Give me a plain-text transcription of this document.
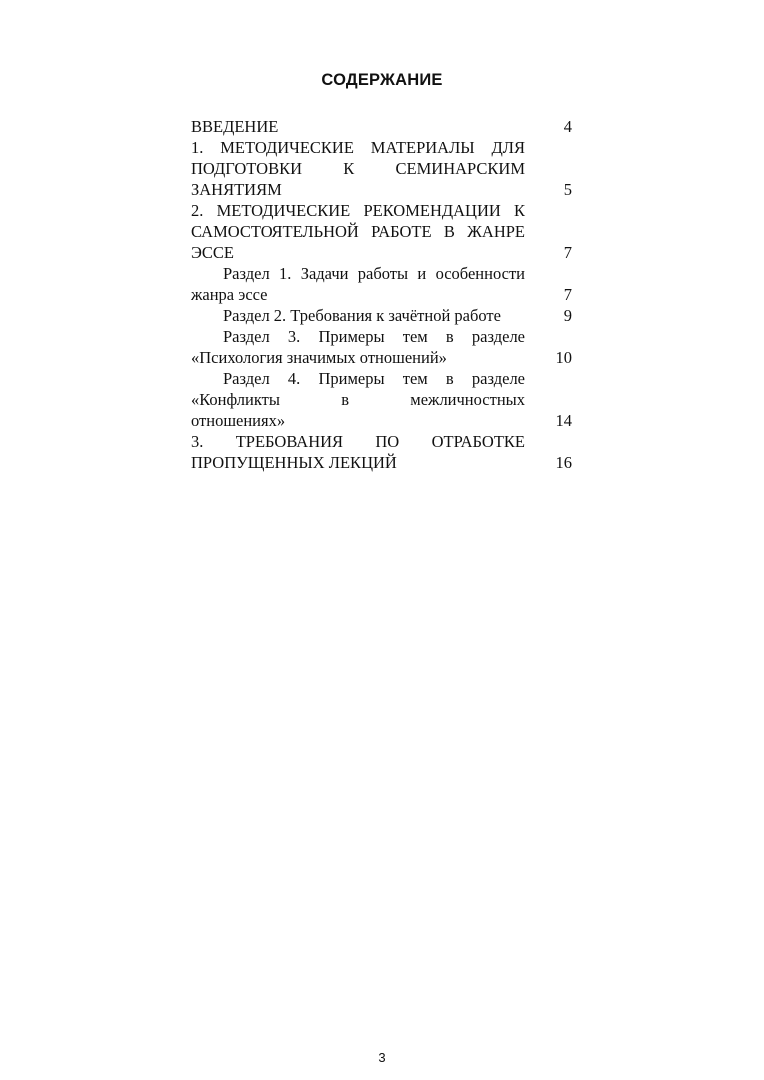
СОДЕРЖАНИЕ
ВВЕДЕНИЕ	4
1. МЕТОДИЧЕСКИЕ МАТЕРИАЛЫ ДЛЯ
ПОДГОТОВКИ К СЕМИНАРСКИМ
ЗАНЯТИЯМ	5
2. МЕТОДИЧЕСКИЕ РЕКОМЕНДАЦИИ К
САМОСТОЯТЕЛЬНОЙ РАБОТЕ В ЖАНРЕ
ЭССЕ	7
Раздел 1. Задачи работы и особенности
жанра эссе	7
Раздел 2. Требования к зачётной работе	9
Раздел 3. Примеры тем в разделе
«Психология значимых отношений»	10
Раздел 4. Примеры тем в разделе
«Конфликты в межличностных
отношениях»	14
3. ТРЕБОВАНИЯ ПО ОТРАБОТКЕ
ПРОПУЩЕННЫХ ЛЕКЦИЙ	16
3
